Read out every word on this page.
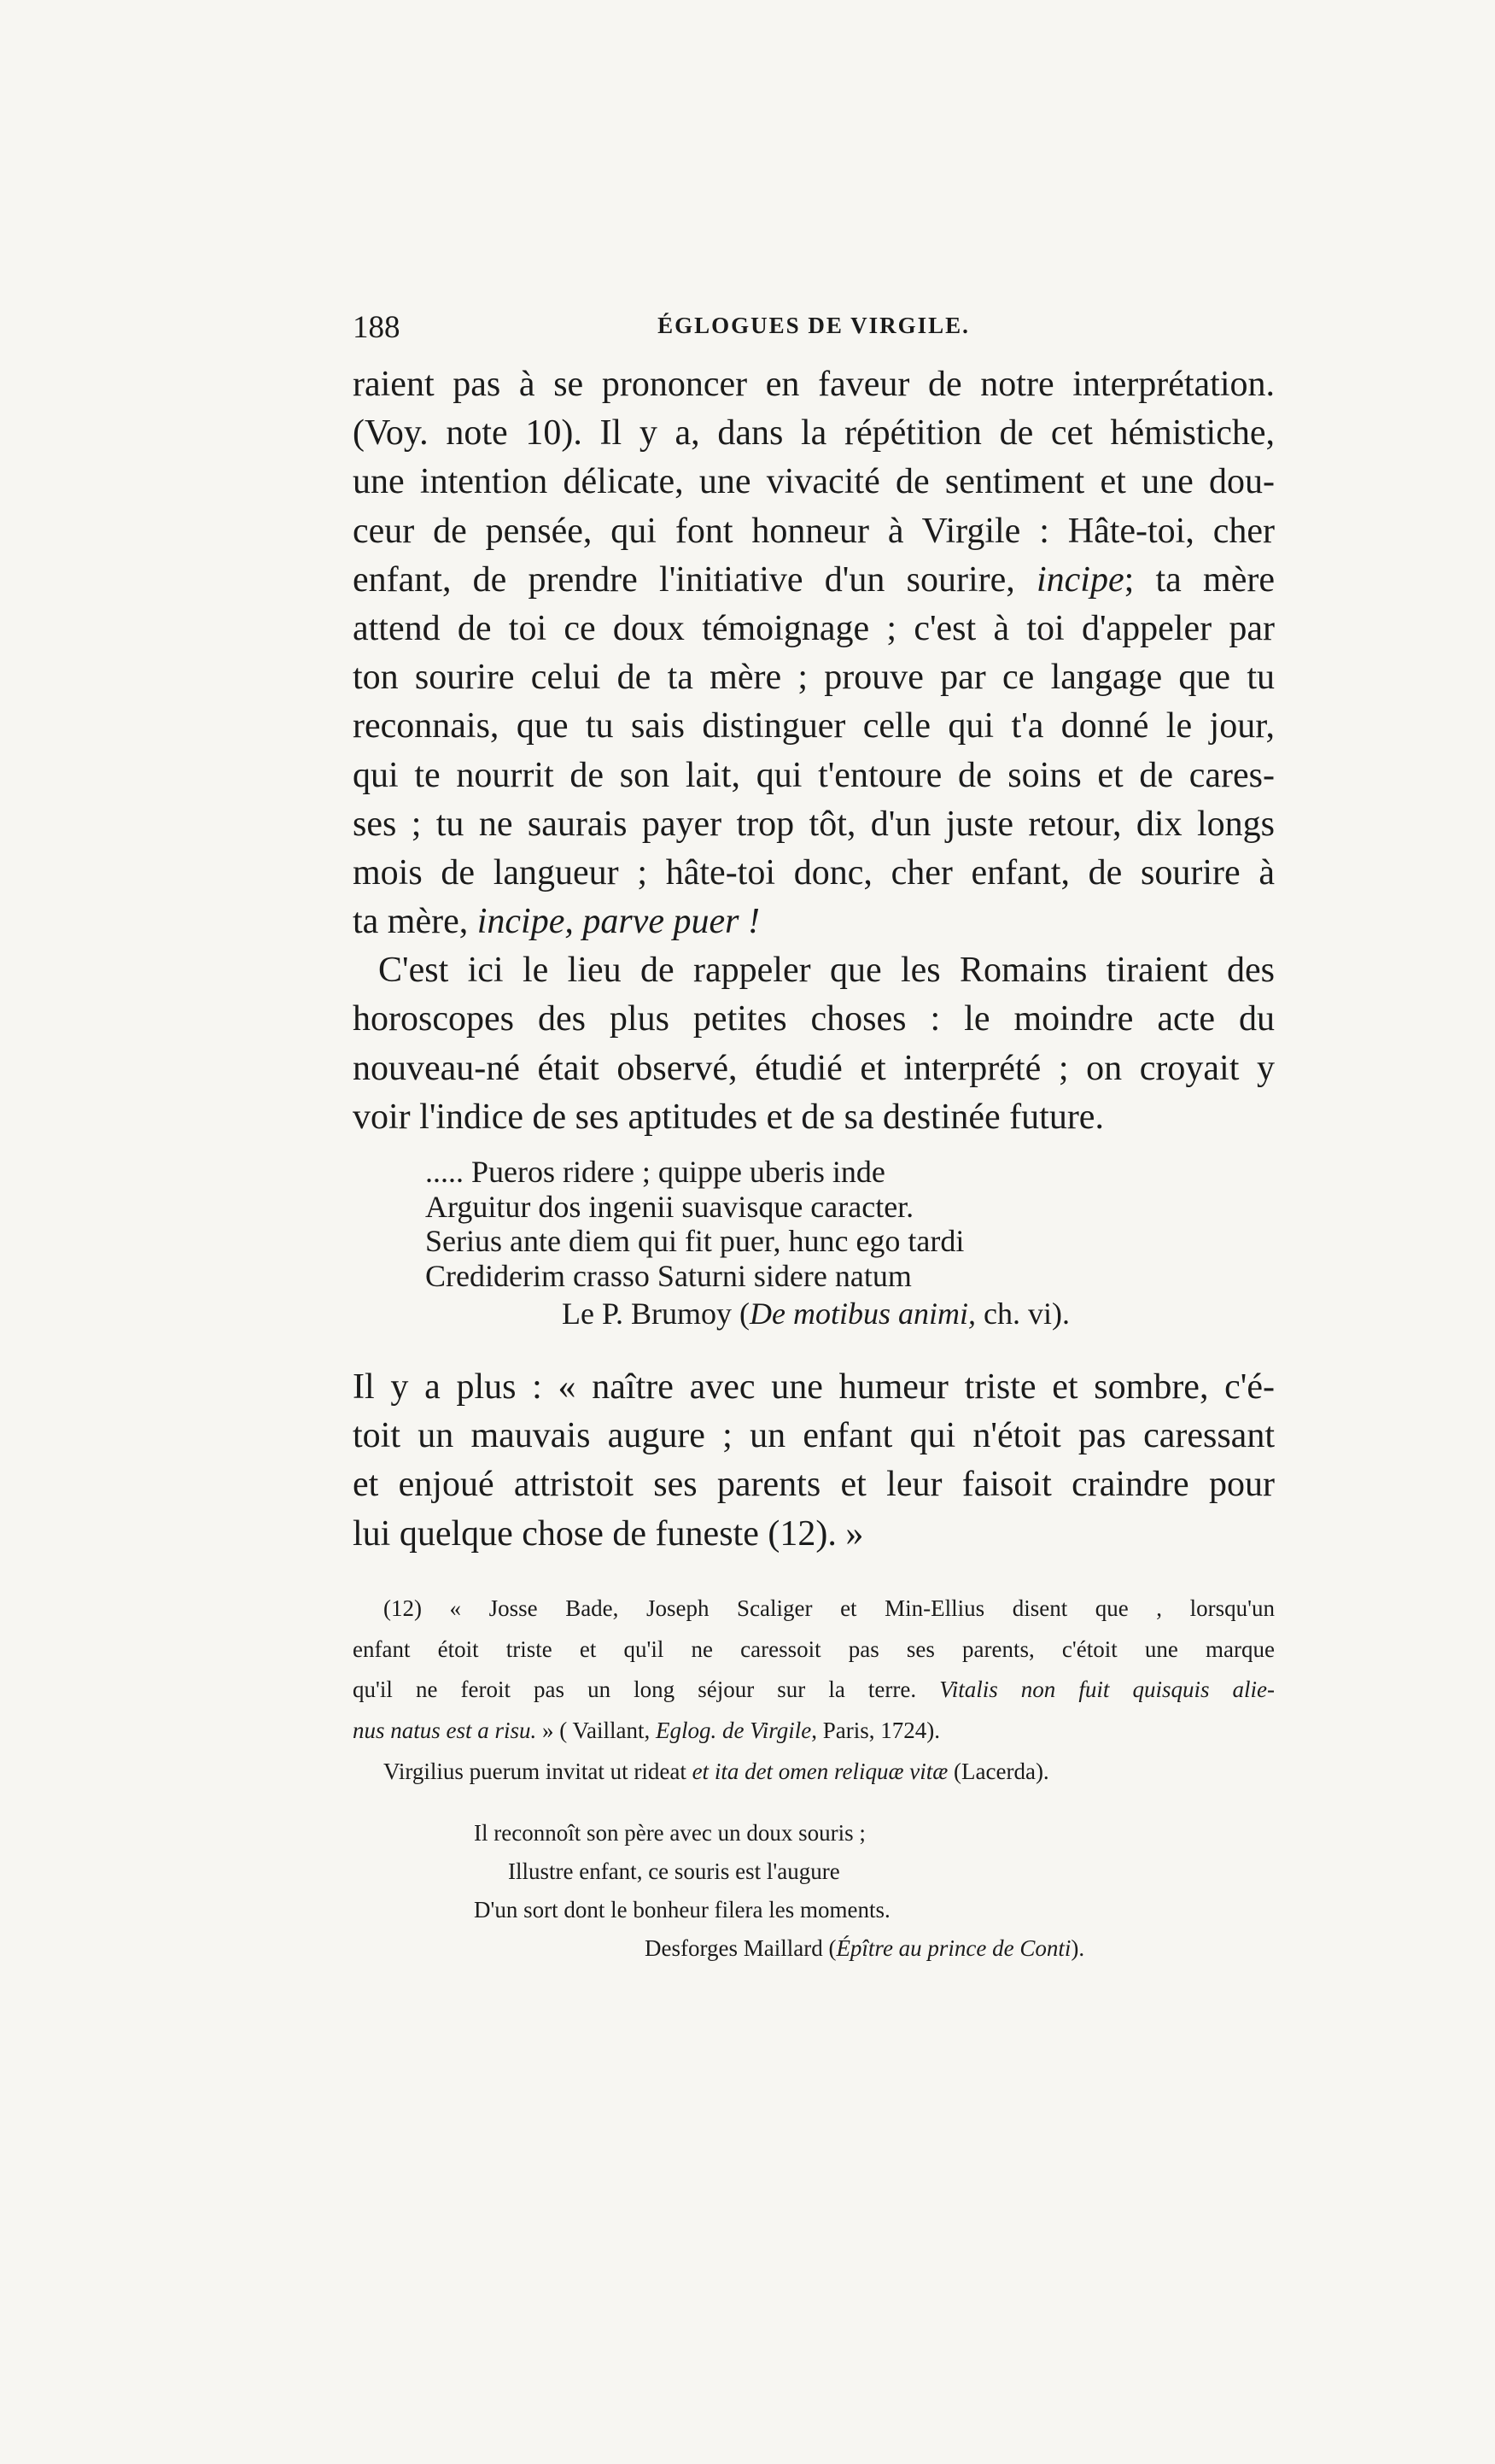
188	ÉGLOGUES DE VIRGILE.
raient pas à se prononcer en faveur de notre interprétation.
(Voy. note 10). Il y a, dans la répétition de cet hémistiche,
une intention délicate, une vivacité de sentiment et une dou-
ceur de pensée, qui font honneur à Virgile : Hâte-toi, cher
enfant, de prendre l'initiative d'un sourire, incipe; ta mère
attend de toi ce doux témoignage ; c'est à toi d'appeler par
ton sourire celui de ta mère ; prouve par ce langage que tu
reconnais, que tu sais distinguer celle qui t'a donné le jour,
qui te nourrit de son lait, qui t'entoure de soins et de cares-
ses ; tu ne saurais payer trop tôt, d'un juste retour, dix longs
mois de langueur ; hâte-toi donc, cher enfant, de sourire à
ta mère, incipe, parve puer !
C'est ici le lieu de rappeler que les Romains tiraient des
horoscopes des plus petites choses : le moindre acte du
nouveau-né était observé, étudié et interprété ; on croyait y
voir l'indice de ses aptitudes et de sa destinée future.
..... Pueros ridere ; quippe uberis inde
Arguitur dos ingenii suavisque caracter.
Serius ante diem qui fit puer, hunc ego tardi
Crediderim crasso Saturni sidere natum
Le P. Brumoy (De motibus animi, ch. vi).
Il y a plus : « naître avec une humeur triste et sombre, c'é-
toit un mauvais augure ; un enfant qui n'étoit pas caressant
et enjoué attristoit ses parents et leur faisoit craindre pour
lui quelque chose de funeste (12). »
(12) « Josse Bade, Joseph Scaliger et Min-Ellius disent que , lorsqu'un
enfant étoit triste et qu'il ne caressoit pas ses parents, c'étoit une marque
qu'il ne feroit pas un long séjour sur la terre. Vitalis non fuit quisquis alie-
nus natus est a risu. » ( Vaillant, Eglog. de Virgile, Paris, 1724).
Virgilius puerum invitat ut rideat et ita det omen reliquæ vitæ (Lacerda).
Il reconnoît son père avec un doux souris ;
Illustre enfant, ce souris est l'augure
D'un sort dont le bonheur filera les moments.
Desforges Maillard (Épître au prince de Conti).
